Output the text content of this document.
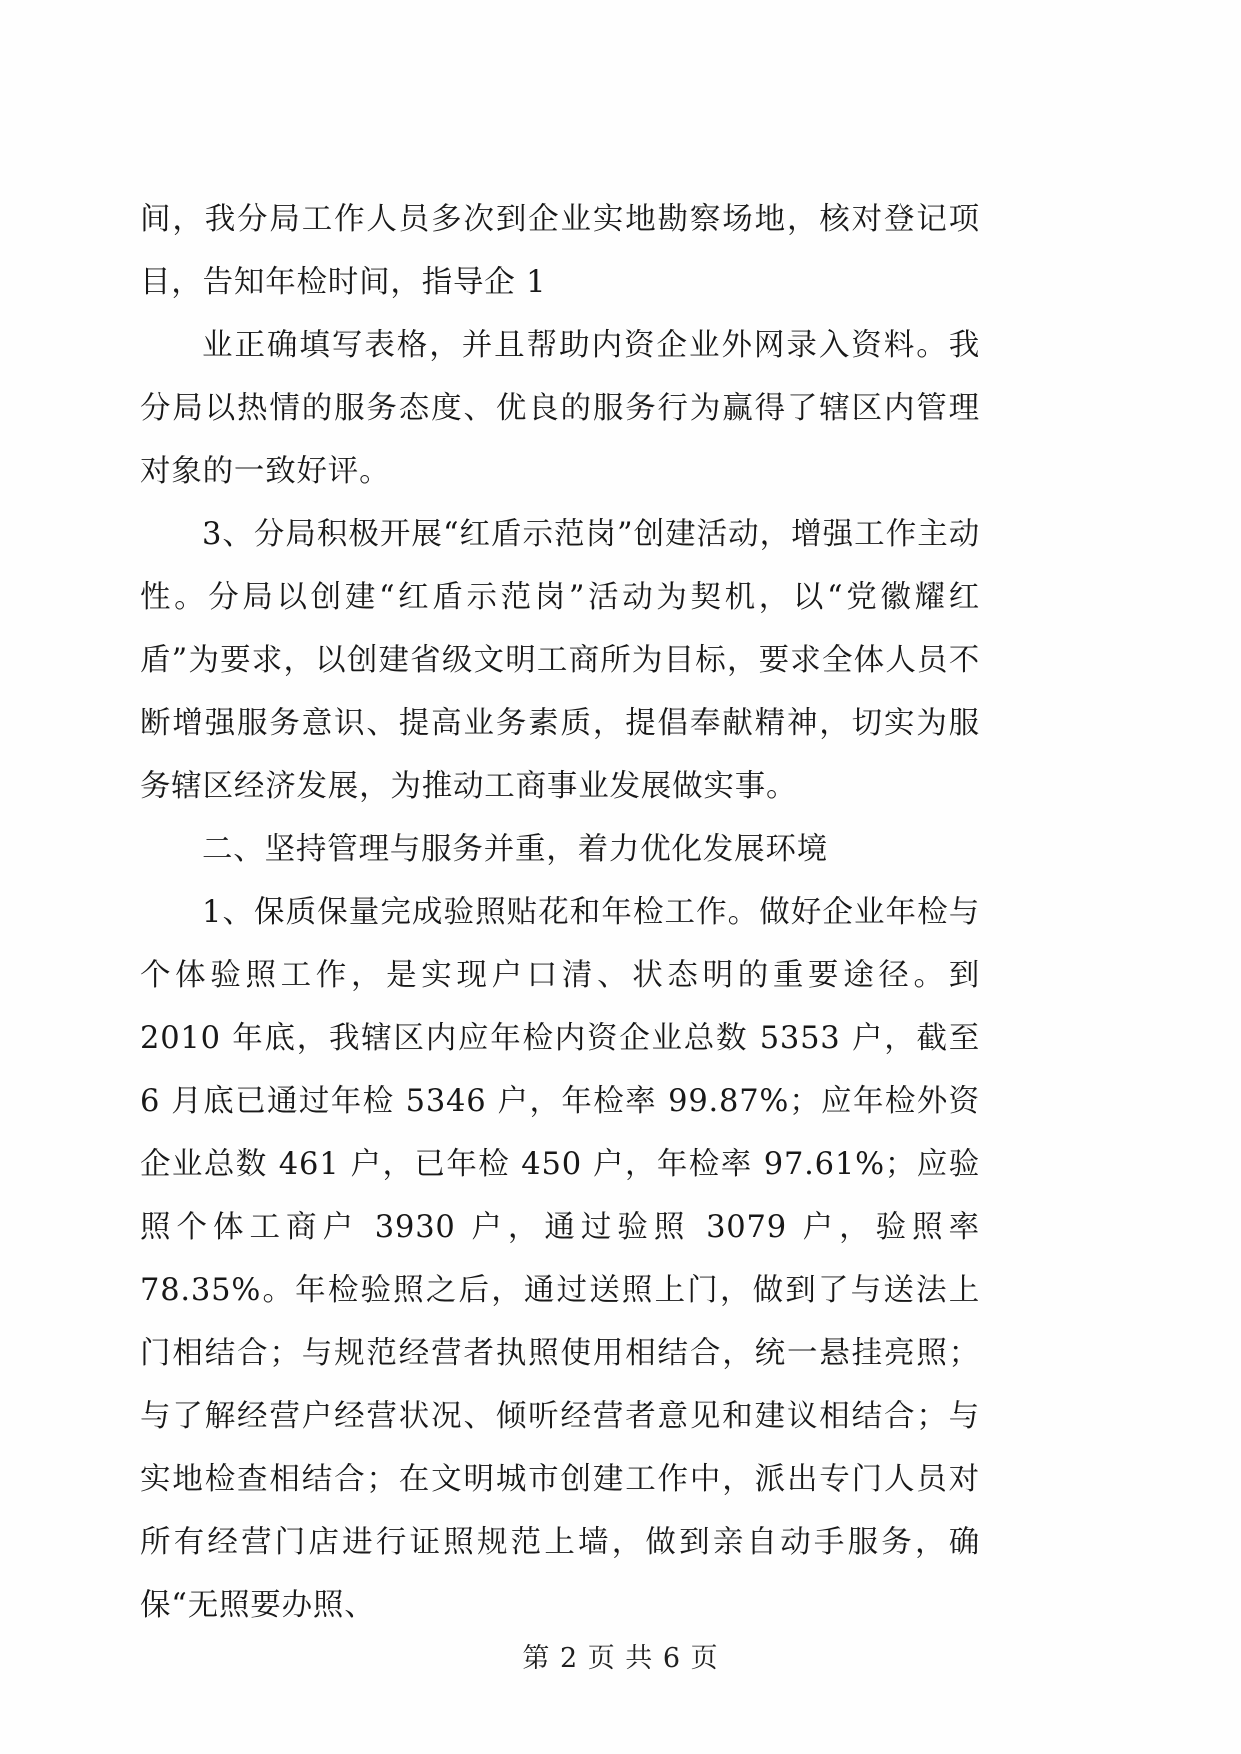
间，我分局工作人员多次到企业实地勘察场地，核对登记项目，告知年检时间，指导企 1

业正确填写表格，并且帮助内资企业外网录入资料。我分局以热情的服务态度、优良的服务行为赢得了辖区内管理对象的一致好评。

3、分局积极开展“红盾示范岗”创建活动，增强工作主动性。分局以创建“红盾示范岗”活动为契机，以“党徽耀红盾”为要求，以创建省级文明工商所为目标，要求全体人员不断增强服务意识、提高业务素质，提倡奉献精神，切实为服务辖区经济发展，为推动工商事业发展做实事。

二、坚持管理与服务并重，着力优化发展环境

1、保质保量完成验照贴花和年检工作。做好企业年检与个体验照工作，是实现户口清、状态明的重要途径。到 2010 年底，我辖区内应年检内资企业总数 5353 户，截至 6 月底已通过年检 5346 户，年检率 99.87%；应年检外资企业总数 461 户，已年检 450 户，年检率 97.61%；应验照个体工商户 3930 户，通过验照 3079 户，验照率 78.35%。年检验照之后，通过送照上门，做到了与送法上门相结合；与规范经营者执照使用相结合，统一悬挂亮照；与了解经营户经营状况、倾听经营者意见和建议相结合；与实地检查相结合；在文明城市创建工作中，派出专门人员对所有经营门店进行证照规范上墙，做到亲自动手服务，确保“无照要办照、

第 2 页 共 6 页
